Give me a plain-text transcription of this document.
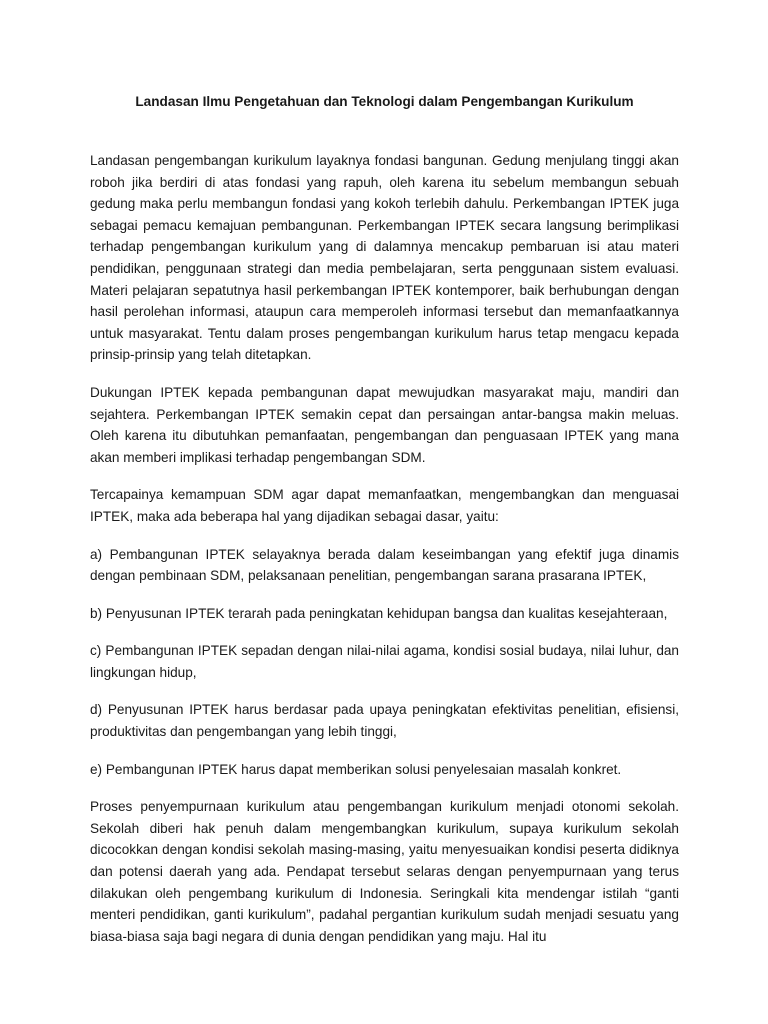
Landasan Ilmu Pengetahuan dan Teknologi dalam Pengembangan Kurikulum

Landasan pengembangan kurikulum layaknya fondasi bangunan. Gedung menjulang tinggi akan roboh jika berdiri di atas fondasi yang rapuh, oleh karena itu sebelum membangun sebuah gedung maka perlu membangun fondasi yang kokoh terlebih dahulu. Perkembangan IPTEK juga sebagai pemacu kemajuan pembangunan. Perkembangan IPTEK secara langsung berimplikasi terhadap pengembangan kurikulum yang di dalamnya mencakup pembaruan isi atau materi pendidikan, penggunaan strategi dan media pembelajaran, serta penggunaan sistem evaluasi. Materi pelajaran sepatutnya hasil perkembangan IPTEK kontemporer, baik berhubungan dengan hasil perolehan informasi, ataupun cara memperoleh informasi tersebut dan memanfaatkannya untuk masyarakat. Tentu dalam proses pengembangan kurikulum harus tetap mengacu kepada prinsip-prinsip yang telah ditetapkan.

Dukungan IPTEK kepada pembangunan dapat mewujudkan masyarakat maju, mandiri dan sejahtera. Perkembangan IPTEK semakin cepat dan persaingan antar-bangsa makin meluas. Oleh karena itu dibutuhkan pemanfaatan, pengembangan dan penguasaan IPTEK yang mana akan memberi implikasi terhadap pengembangan SDM.

Tercapainya kemampuan SDM agar dapat memanfaatkan, mengembangkan dan menguasai IPTEK, maka ada beberapa hal yang dijadikan sebagai dasar, yaitu:

a) Pembangunan IPTEK selayaknya berada dalam keseimbangan yang efektif juga dinamis dengan pembinaan SDM, pelaksanaan penelitian, pengembangan sarana prasarana IPTEK,

b) Penyusunan IPTEK terarah pada peningkatan kehidupan bangsa dan kualitas kesejahteraan,

c) Pembangunan IPTEK sepadan dengan nilai-nilai agama, kondisi sosial budaya, nilai luhur, dan lingkungan hidup,

d) Penyusunan IPTEK harus berdasar pada upaya peningkatan efektivitas penelitian, efisiensi, produktivitas dan pengembangan yang lebih tinggi,

e) Pembangunan IPTEK harus dapat memberikan solusi penyelesaian masalah konkret.

Proses penyempurnaan kurikulum atau pengembangan kurikulum menjadi otonomi sekolah. Sekolah diberi hak penuh dalam mengembangkan kurikulum, supaya kurikulum sekolah dicocokkan dengan kondisi sekolah masing-masing, yaitu menyesuaikan kondisi peserta didiknya dan potensi daerah yang ada. Pendapat tersebut selaras dengan penyempurnaan yang terus dilakukan oleh pengembang kurikulum di Indonesia. Seringkali kita mendengar istilah “ganti menteri pendidikan, ganti kurikulum”, padahal pergantian kurikulum sudah menjadi sesuatu yang biasa-biasa saja bagi negara di dunia dengan pendidikan yang maju. Hal itu
